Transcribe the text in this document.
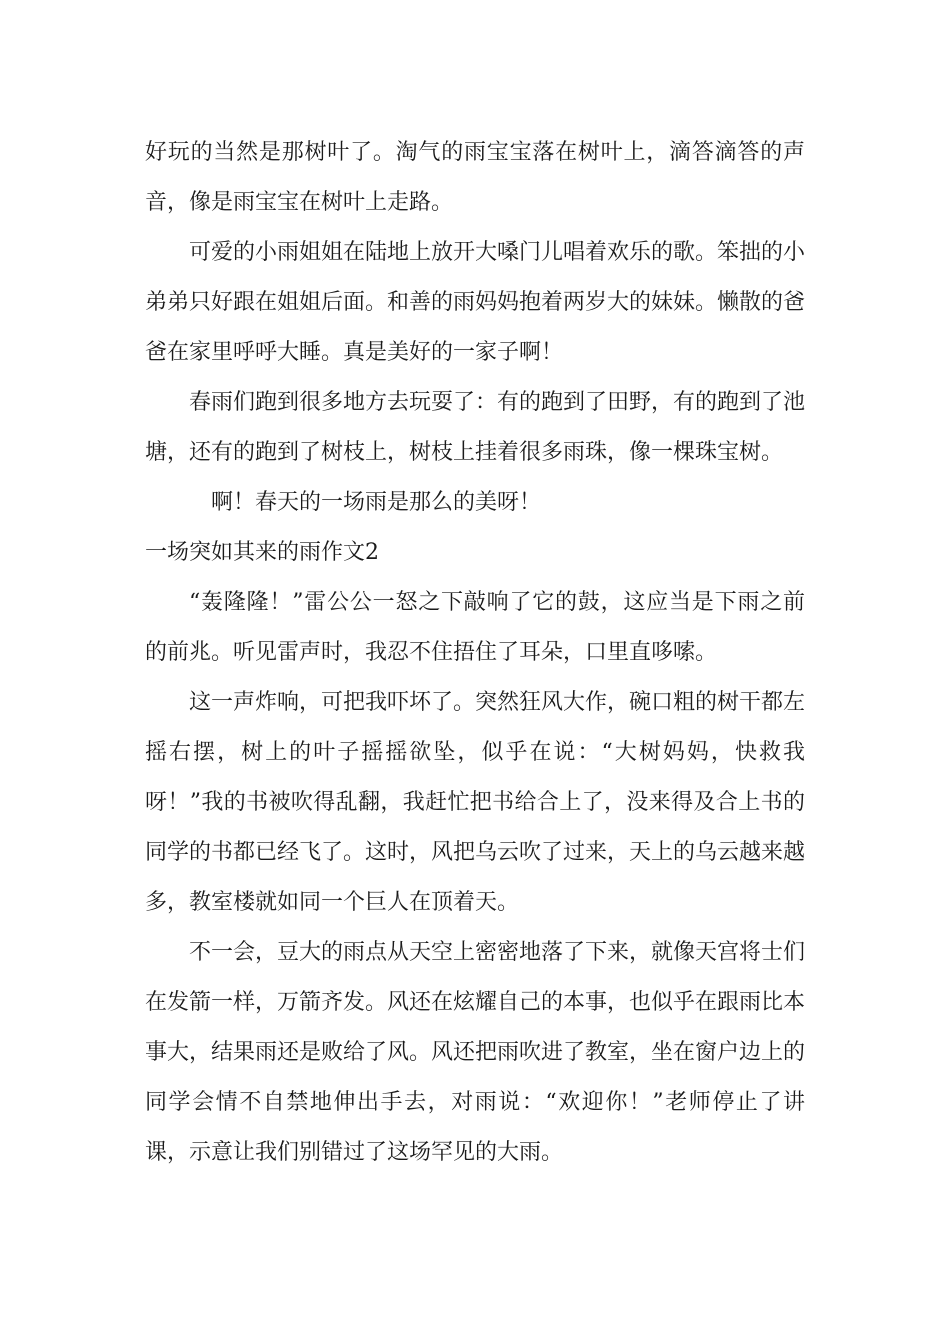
好玩的当然是那树叶了。淘气的雨宝宝落在树叶上，滴答滴答的声音，像是雨宝宝在树叶上走路。

可爱的小雨姐姐在陆地上放开大嗓门儿唱着欢乐的歌。笨拙的小弟弟只好跟在姐姐后面。和善的雨妈妈抱着两岁大的妹妹。懒散的爸爸在家里呼呼大睡。真是美好的一家子啊！

春雨们跑到很多地方去玩耍了：有的跑到了田野，有的跑到了池塘，还有的跑到了树枝上，树枝上挂着很多雨珠，像一棵珠宝树。

啊！春天的一场雨是那么的美呀！

一场突如其来的雨作文2

“轰隆隆！”雷公公一怒之下敲响了它的鼓，这应当是下雨之前的前兆。听见雷声时，我忍不住捂住了耳朵，口里直哆嗦。

这一声炸响，可把我吓坏了。突然狂风大作，碗口粗的树干都左摇右摆，树上的叶子摇摇欲坠，似乎在说：“大树妈妈，快救我呀！”我的书被吹得乱翻，我赶忙把书给合上了，没来得及合上书的同学的书都已经飞了。这时，风把乌云吹了过来，天上的乌云越来越多，教室楼就如同一个巨人在顶着天。

不一会，豆大的雨点从天空上密密地落了下来，就像天宫将士们在发箭一样，万箭齐发。风还在炫耀自己的本事，也似乎在跟雨比本事大，结果雨还是败给了风。风还把雨吹进了教室，坐在窗户边上的同学会情不自禁地伸出手去，对雨说：“欢迎你！”老师停止了讲课，示意让我们别错过了这场罕见的大雨。
